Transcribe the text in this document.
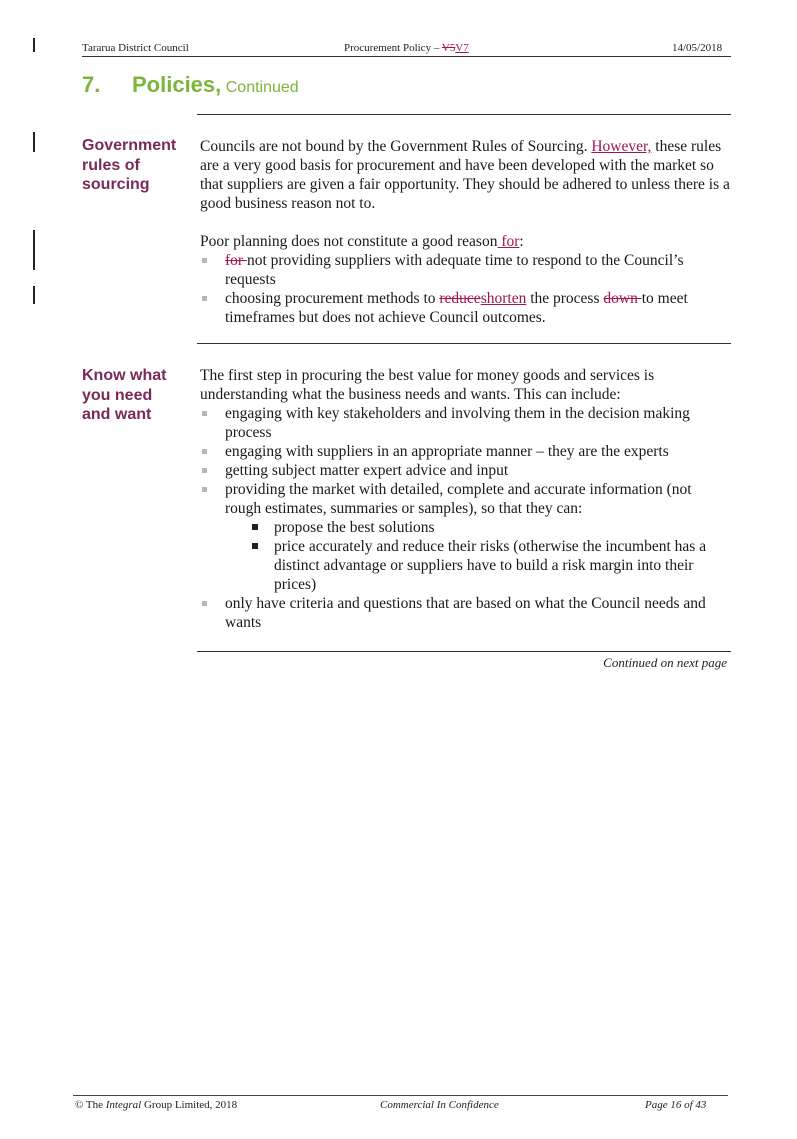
Tararua District Council	Procurement Policy – V5V7	14/05/2018
7. Policies, Continued
Government
rules of
sourcing

Councils are not bound by the Government Rules of Sourcing. However, these rules are a very good basis for procurement and have been developed with the market so that suppliers are given a fair opportunity. They should be adhered to unless there is a good business reason not to.

Poor planning does not constitute a good reason for:

for not providing suppliers with adequate time to respond to the Council’s requests
choosing procurement methods to reduceshorten the process down to meet timeframes but does not achieve Council outcomes.
Know what
you need
and want

The first step in procuring the best value for money goods and services is understanding what the business needs and wants. This can include:

engaging with key stakeholders and involving them in the decision making process
engaging with suppliers in an appropriate manner – they are the experts
getting subject matter expert advice and input
providing the market with detailed, complete and accurate information (not rough estimates, summaries or samples), so that they can:
propose the best solutions
price accurately and reduce their risks (otherwise the incumbent has a distinct advantage or suppliers have to build a risk margin into their prices)
only have criteria and questions that are based on what the Council needs and wants
Continued on next page
© The Integral Group Limited, 2018	Commercial In Confidence	Page 16 of 43
